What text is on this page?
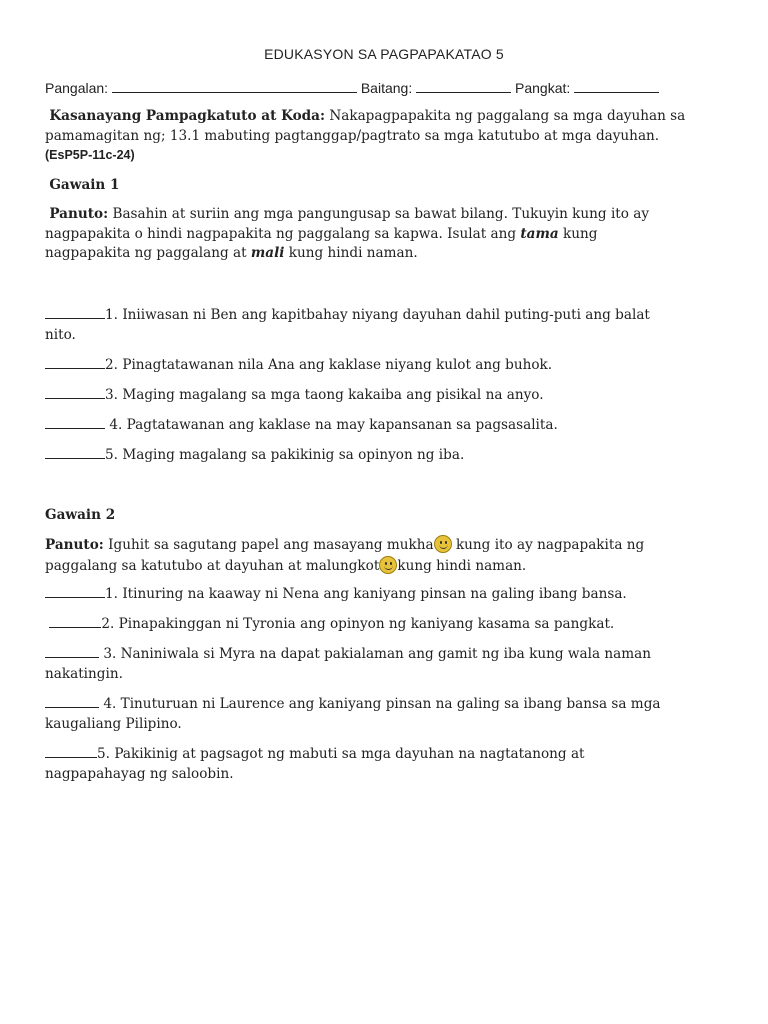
EDUKASYON SA PAGPAPAKATAO 5
Pangalan:	Baitang:	Pangkat:
Kasanayang Pampagkatuto at Koda: Nakapagpapakita ng paggalang sa mga dayuhan sa
pamamagitan ng; 13.1 mabuting pagtanggap/pagtrato sa mga katutubo at mga dayuhan.
(EsP5P-11c-24)
Gawain 1
Panuto: Basahin at suriin ang mga pangungusap sa bawat bilang. Tukuyin kung ito ay
nagpapakita o hindi nagpapakita ng paggalang sa kapwa. Isulat ang tama kung
nagpapakita ng paggalang at mali kung hindi naman.
1. Iniiwasan ni Ben ang kapitbahay niyang dayuhan dahil puting-puti ang balat
nito.
2. Pinagtatawanan nila Ana ang kaklase niyang kulot ang buhok.
3. Maging magalang sa mga taong kakaiba ang pisikal na anyo.
4. Pagtatawanan ang kaklase na may kapansanan sa pagsasalita.
5. Maging magalang sa pakikinig sa opinyon ng iba.
Gawain 2
Panuto: Iguhit sa sagutang papel ang masayang mukha kung ito ay nagpapakita ng
paggalang sa katutubo at dayuhan at malungkot kung hindi naman.
1. Itinuring na kaaway ni Nena ang kaniyang pinsan na galing ibang bansa.
2. Pinapakinggan ni Tyronia ang opinyon ng kaniyang kasama sa pangkat.
3. Naniniwala si Myra na dapat pakialaman ang gamit ng iba kung wala naman
nakatingin.
4. Tinuturuan ni Laurence ang kaniyang pinsan na galing sa ibang bansa sa mga
kaugaliang Pilipino.
5. Pakikinig at pagsagot ng mabuti sa mga dayuhan na nagtatanong at
nagpapahayag ng saloobin.
